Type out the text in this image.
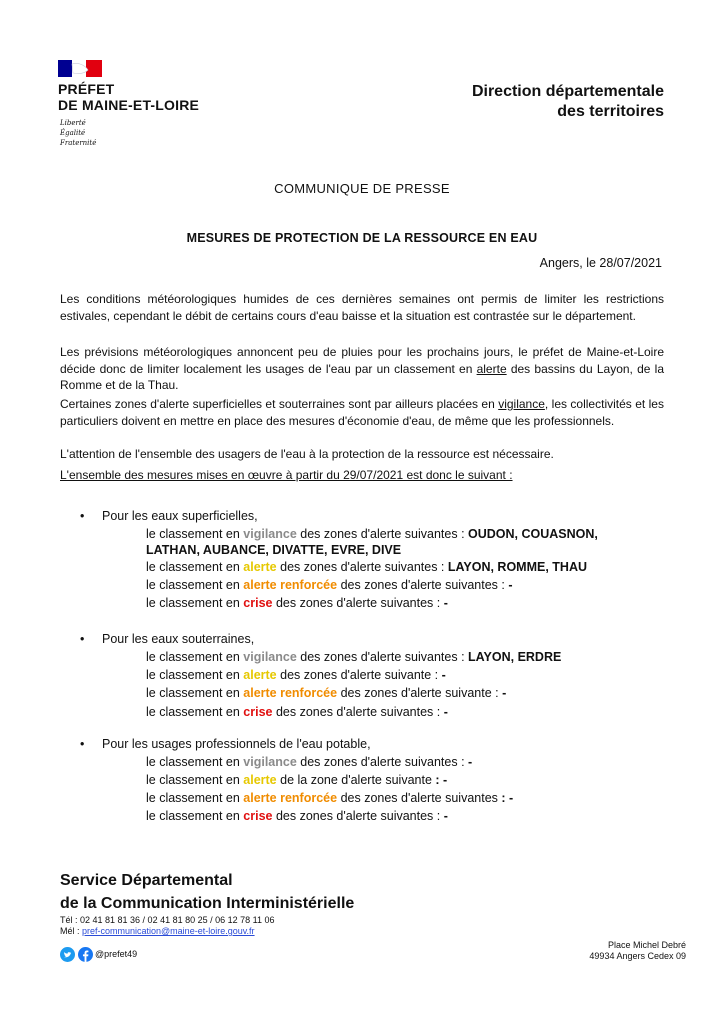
PRÉFET
DE MAINE-ET-LOIRE
Liberté
Égalité
Fraternité
Direction départementale
des territoires
COMMUNIQUE DE PRESSE
MESURES DE PROTECTION DE LA RESSOURCE EN EAU
Angers, le 28/07/2021

Les conditions météorologiques humides de ces dernières semaines ont permis de limiter les restrictions estivales, cependant le débit de certains cours d'eau baisse et la situation est contrastée sur le département.

Les prévisions météorologiques annoncent peu de pluies pour les prochains jours, le préfet de Maine-et-Loire décide donc de limiter localement les usages de l'eau par un classement en alerte des bassins du Layon, de la Romme et de la Thau.

Certaines zones d'alerte superficielles et souterraines sont par ailleurs placées en vigilance, les collectivités et les particuliers doivent en mettre en place des mesures d'économie d'eau, de même que les professionnels.

L'attention de l'ensemble des usagers de l'eau à la protection de la ressource est nécessaire.

L'ensemble des mesures mises en œuvre à partir du 29/07/2021 est donc le suivant :

• Pour les eaux superficielles,
le classement en vigilance des zones d'alerte suivantes : OUDON, COUASNON,
LATHAN, AUBANCE, DIVATTE, EVRE, DIVE
le classement en alerte des zones d'alerte suivantes : LAYON, ROMME, THAU
le classement en alerte renforcée des zones d'alerte suivantes : -
le classement en crise des zones d'alerte suivantes : -
• Pour les eaux souterraines,
le classement en vigilance des zones d'alerte suivantes : LAYON, ERDRE
le classement en alerte des zones d'alerte suivante : -
le classement en alerte renforcée des zones d'alerte suivante : -
le classement en crise des zones d'alerte suivantes : -
• Pour les usages professionnels de l'eau potable,
le classement en vigilance des zones d'alerte suivantes : -
le classement en alerte de la zone d'alerte suivante : -
le classement en alerte renforcée des zones d'alerte suivantes : -
le classement en crise des zones d'alerte suivantes : -
Service Départemental
de la Communication Interministérielle
Tél : 02 41 81 81 36 / 02 41 81 80 25 / 06 12 78 11 06
Mél : pref-communication@maine-et-loire.gouv.fr
@prefet49
Place Michel Debré
49934 Angers Cedex 09
